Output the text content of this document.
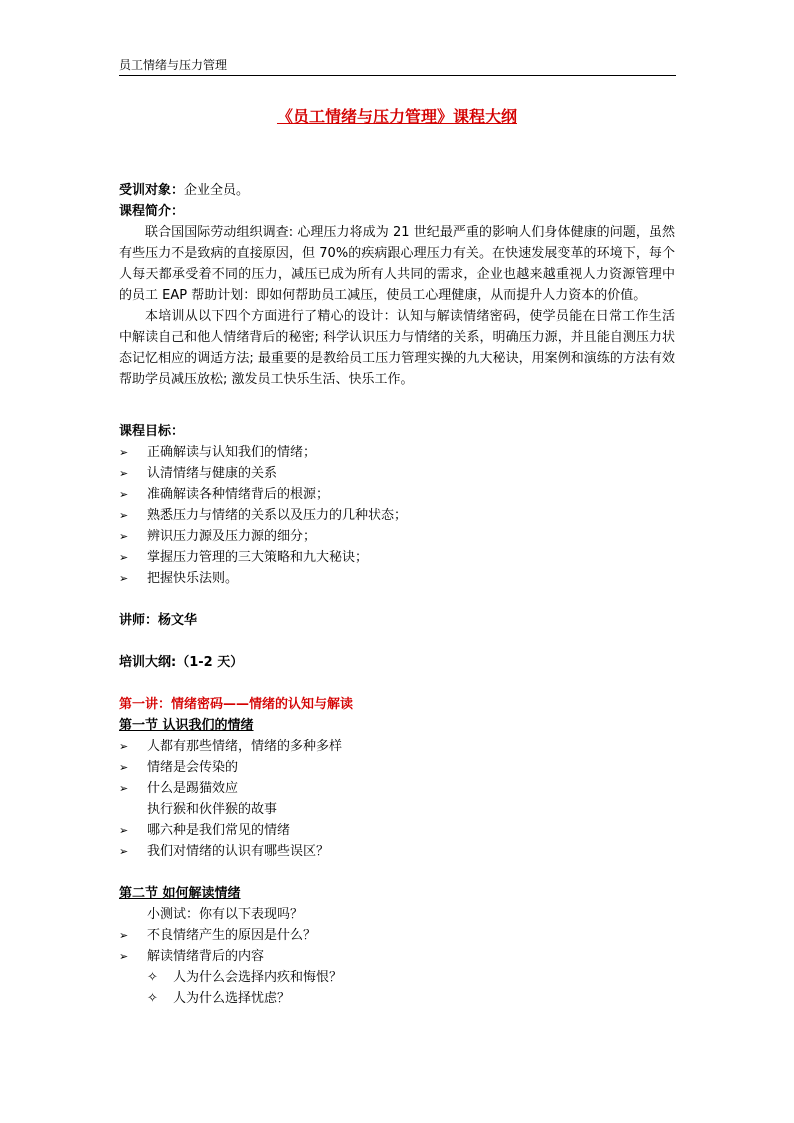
员工情绪与压力管理
《员工情绪与压力管理》课程大纲
受训对象：企业全员。
课程简介：
联合国国际劳动组织调查: 心理压力将成为 21 世纪最严重的影响人们身体健康的问题，虽然有些压力不是致病的直接原因，但 70%的疾病跟心理压力有关。在快速发展变革的环境下，每个人每天都承受着不同的压力，减压已成为所有人共同的需求，企业也越来越重视人力资源管理中的员工 EAP 帮助计划：即如何帮助员工减压，使员工心理健康，从而提升人力资本的价值。
本培训从以下四个方面进行了精心的设计：认知与解读情绪密码，使学员能在日常工作生活中解读自己和他人情绪背后的秘密; 科学认识压力与情绪的关系，明确压力源，并且能自测压力状态记忆相应的调适方法; 最重要的是教给员工压力管理实操的九大秘诀，用案例和演练的方法有效帮助学员减压放松; 激发员工快乐生活、快乐工作。
课程目标：
➢ 正确解读与认知我们的情绪；
➢ 认清情绪与健康的关系
➢ 准确解读各种情绪背后的根源；
➢ 熟悉压力与情绪的关系以及压力的几种状态；
➢ 辨识压力源及压力源的细分；
➢ 掌握压力管理的三大策略和九大秘诀；
➢ 把握快乐法则。
讲师：杨文华
培训大纲:（1-2 天）
第一讲：情绪密码——情绪的认知与解读
第一节 认识我们的情绪
➢ 人都有那些情绪，情绪的多种多样
➢ 情绪是会传染的
➢ 什么是踢猫效应
执行猴和伙伴猴的故事
➢ 哪六种是我们常见的情绪
➢ 我们对情绪的认识有哪些误区？
第二节 如何解读情绪
小测试：你有以下表现吗？
➢ 不良情绪产生的原因是什么？
➢ 解读情绪背后的内容
✧ 人为什么会选择内疚和悔恨？
✧ 人为什么选择忧虑？
